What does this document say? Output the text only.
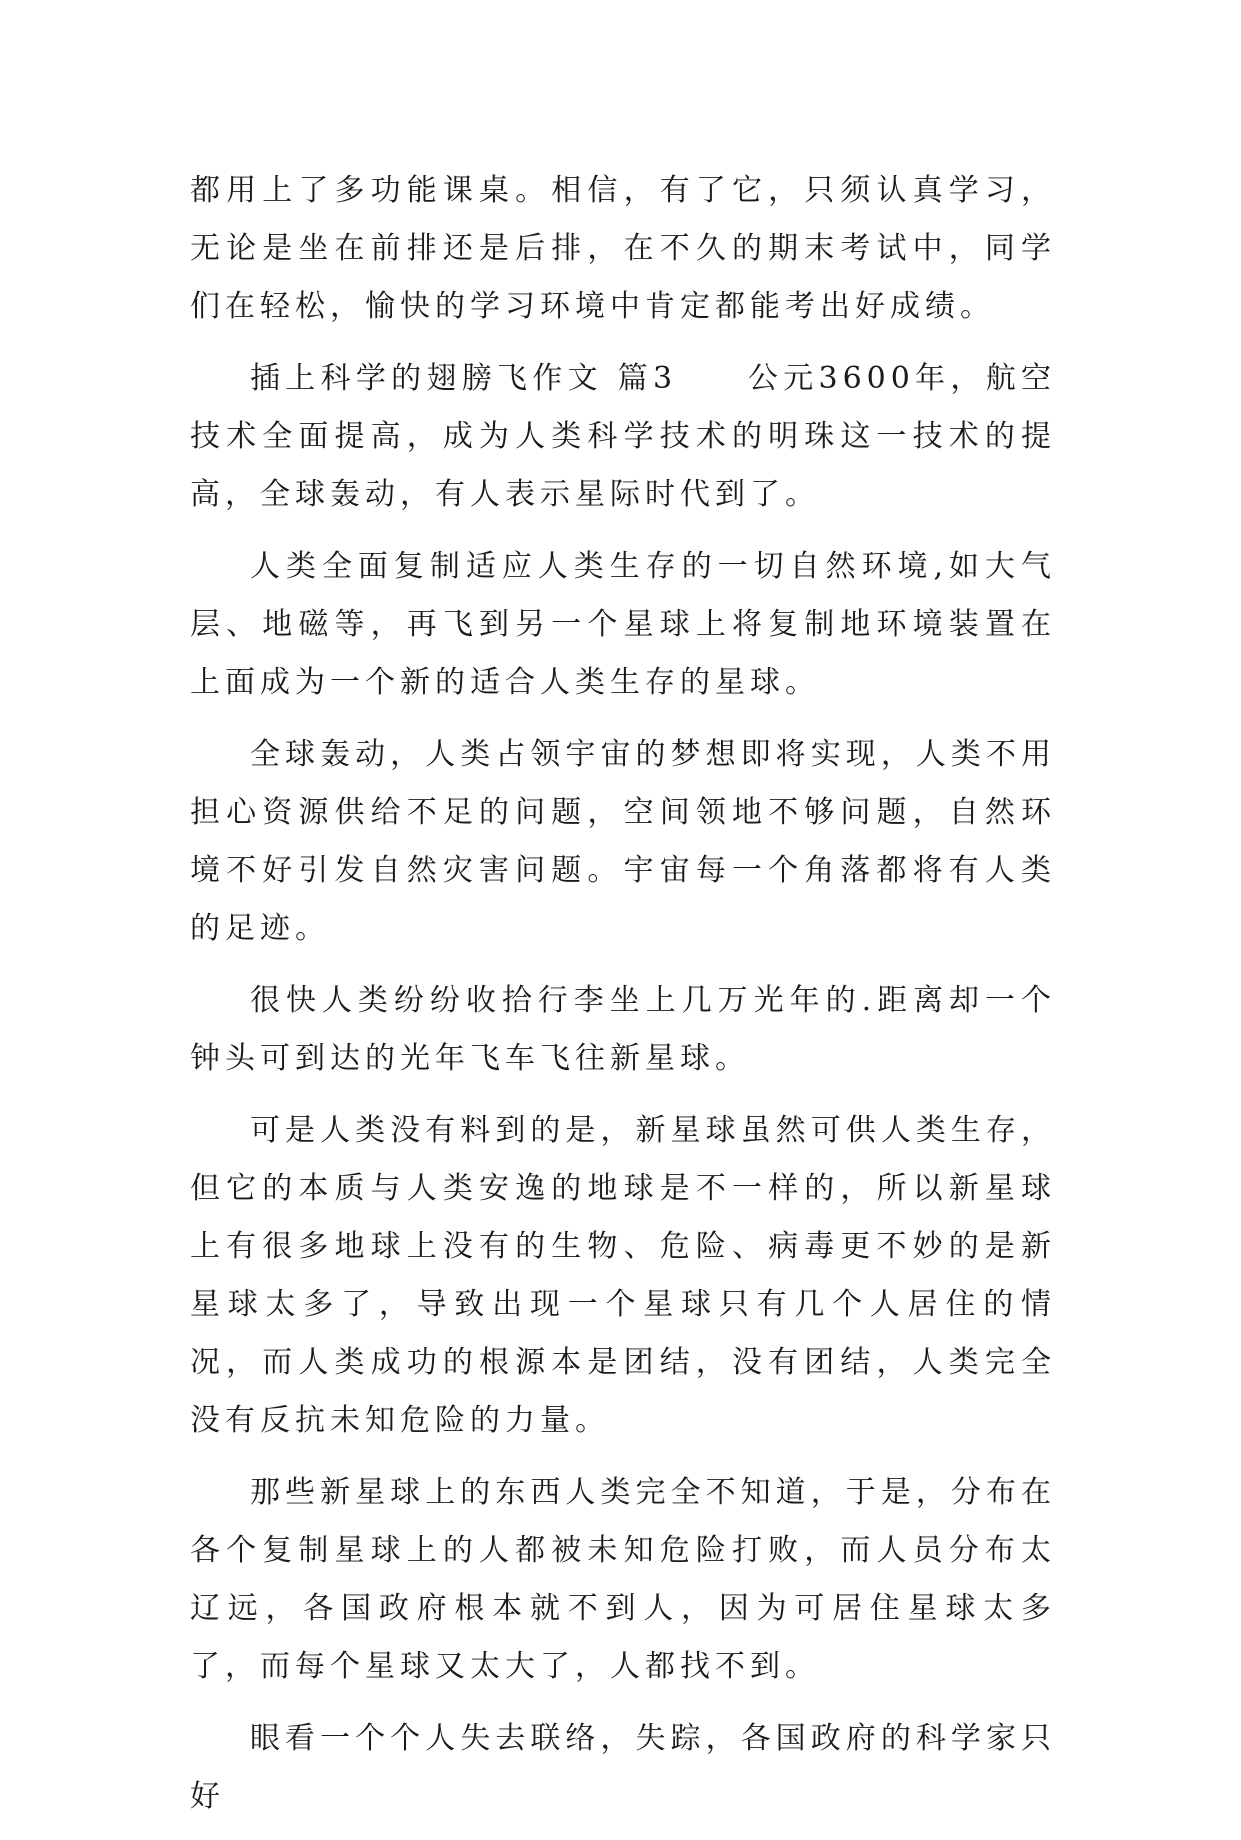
都用上了多功能课桌。相信，有了它，只须认真学习，无论是坐在前排还是后排，在不久的期末考试中，同学们在轻松，愉快的学习环境中肯定都能考出好成绩。

插上科学的翅膀飞作文 篇3　　公元3600年，航空技术全面提高，成为人类科学技术的明珠这一技术的提高，全球轰动，有人表示星际时代到了。

人类全面复制适应人类生存的一切自然环境,如大气层、地磁等，再飞到另一个星球上将复制地环境装置在上面成为一个新的适合人类生存的星球。

全球轰动，人类占领宇宙的梦想即将实现，人类不用担心资源供给不足的问题，空间领地不够问题，自然环境不好引发自然灾害问题。宇宙每一个角落都将有人类的足迹。

很快人类纷纷收拾行李坐上几万光年的.距离却一个钟头可到达的光年飞车飞往新星球。

可是人类没有料到的是，新星球虽然可供人类生存，但它的本质与人类安逸的地球是不一样的，所以新星球上有很多地球上没有的生物、危险、病毒更不妙的是新星球太多了，导致出现一个星球只有几个人居住的情况，而人类成功的根源本是团结，没有团结，人类完全没有反抗未知危险的力量。

那些新星球上的东西人类完全不知道，于是，分布在各个复制星球上的人都被未知危险打败，而人员分布太辽远，各国政府根本就不到人，因为可居住星球太多了，而每个星球又太大了，人都找不到。

眼看一个个人失去联络，失踪，各国政府的科学家只好
